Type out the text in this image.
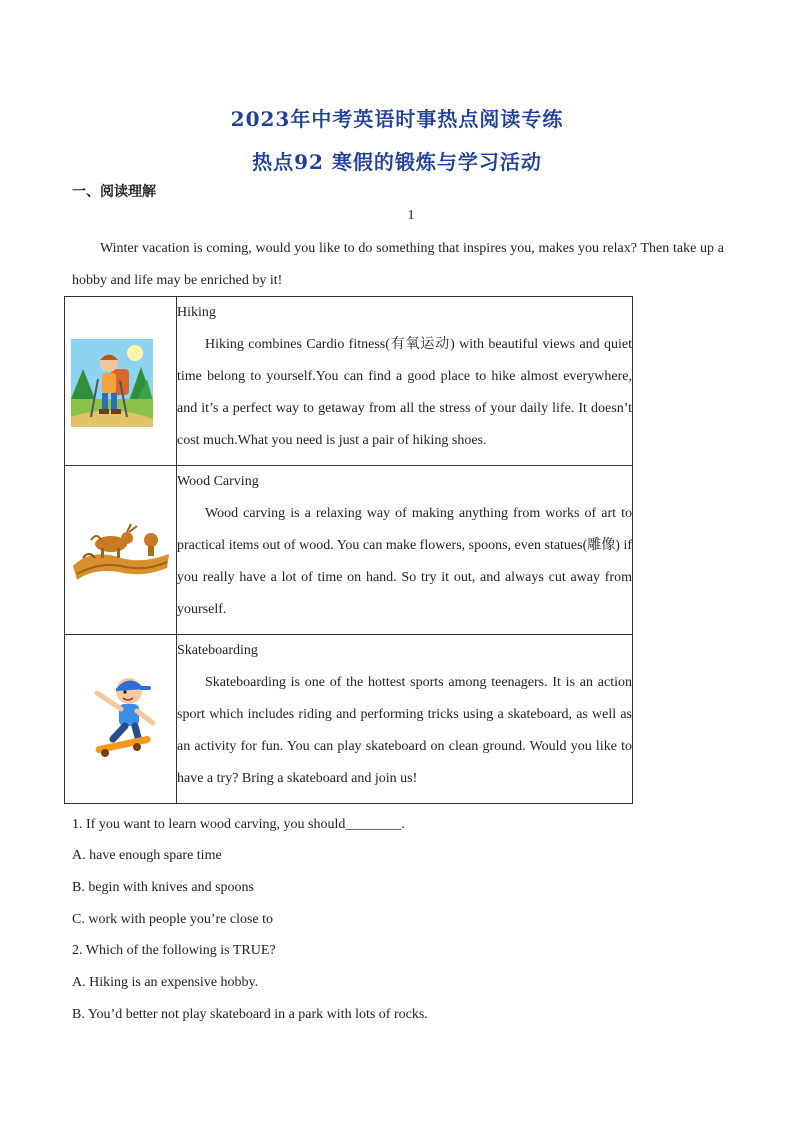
2023年中考英语时事热点阅读专练
热点92 寒假的锻炼与学习活动
一、阅读理解
1

Winter vacation is coming, would you like to do something that inspires you, makes you relax? Then take up a hobby and life may be enriched by it!

Hiking

Hiking combines Cardio fitness(有氧运动) with beautiful views and quiet time belong to yourself.You can find a good place to hike almost everywhere, and it’s a perfect way to getaway from all the stress of your daily life. It doesn’t cost much.What you need is just a pair of hiking shoes.

Wood Carving

Wood carving is a relaxing way of making anything from works of art to practical items out of wood. You can make flowers, spoons, even statues(雕像) if you really have a lot of time on hand. So try it out, and always cut away from yourself.

Skateboarding

Skateboarding is one of the hottest sports among teenagers. It is an action sport which includes riding and performing tricks using a skateboard, as well as an activity for fun. You can play skateboard on clean ground. Would you like to have a try? Bring a skateboard and join us!

1. If you want to learn wood carving, you should________.
A. have enough spare time
B. begin with knives and spoons
C. work with people you’re close to
2. Which of the following is TRUE?
A. Hiking is an expensive hobby.
B. You’d better not play skateboard in a park with lots of rocks.
